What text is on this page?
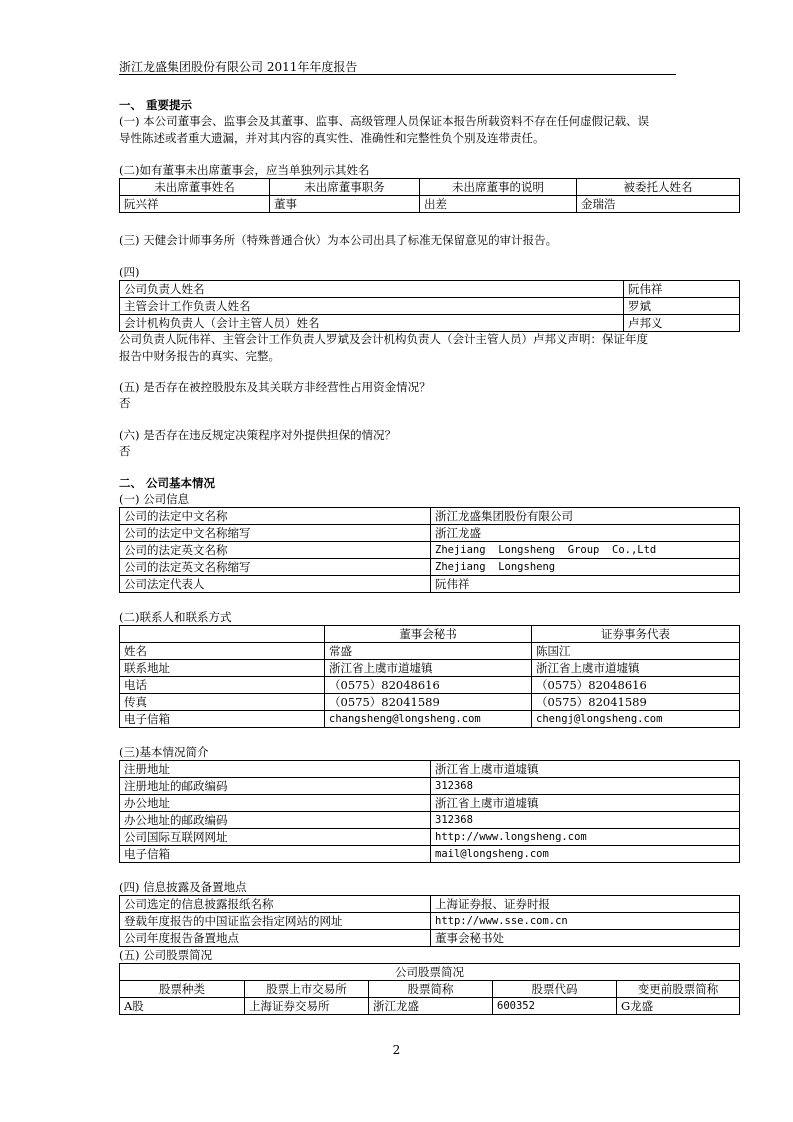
浙江龙盛集团股份有限公司 2011年年度报告
一、 重要提示
(一) 本公司董事会、监事会及其董事、监事、高级管理人员保证本报告所载资料不存在任何虚假记载、误
导性陈述或者重大遗漏，并对其内容的真实性、准确性和完整性负个别及连带责任。
(二)如有董事未出席董事会，应当单独列示其姓名
未出席董事姓名	未出席董事职务	未出席董事的说明	被委托人姓名
阮兴祥	董事	出差	金瑞浩
(三) 天健会计师事务所（特殊普通合伙）为本公司出具了标准无保留意见的审计报告。
(四)
公司负责人姓名	阮伟祥
主管会计工作负责人姓名	罗斌
会计机构负责人（会计主管人员）姓名	卢邦义
公司负责人阮伟祥、主管会计工作负责人罗斌及会计机构负责人（会计主管人员）卢邦义声明：保证年度
报告中财务报告的真实、完整。
(五) 是否存在被控股股东及其关联方非经营性占用资金情况？
否
(六) 是否存在违反规定决策程序对外提供担保的情况？
否
二、 公司基本情况
(一) 公司信息
公司的法定中文名称	浙江龙盛集团股份有限公司
公司的法定中文名称缩写	浙江龙盛
公司的法定英文名称	Zhejiang  Longsheng  Group  Co.,Ltd
公司的法定英文名称缩写	Zhejiang  Longsheng
公司法定代表人	阮伟祥
(二)联系人和联系方式
	董事会秘书	证券事务代表
姓名	常盛	陈国江
联系地址	浙江省上虞市道墟镇	浙江省上虞市道墟镇
电话	（0575）82048616	（0575）82048616
传真	（0575）82041589	（0575）82041589
电子信箱	changsheng@longsheng.com	chengj@longsheng.com
(三)基本情况简介
注册地址	浙江省上虞市道墟镇
注册地址的邮政编码	312368
办公地址	浙江省上虞市道墟镇
办公地址的邮政编码	312368
公司国际互联网网址	http://www.longsheng.com
电子信箱	mail@longsheng.com
(四) 信息披露及备置地点
公司选定的信息披露报纸名称	上海证券报、证券时报
登载年度报告的中国证监会指定网站的网址	http://www.sse.com.cn
公司年度报告备置地点	董事会秘书处
(五) 公司股票简况
公司股票简况				
股票种类	股票上市交易所	股票简称	股票代码	变更前股票简称
A股	上海证券交易所	浙江龙盛	600352	G龙盛
2
